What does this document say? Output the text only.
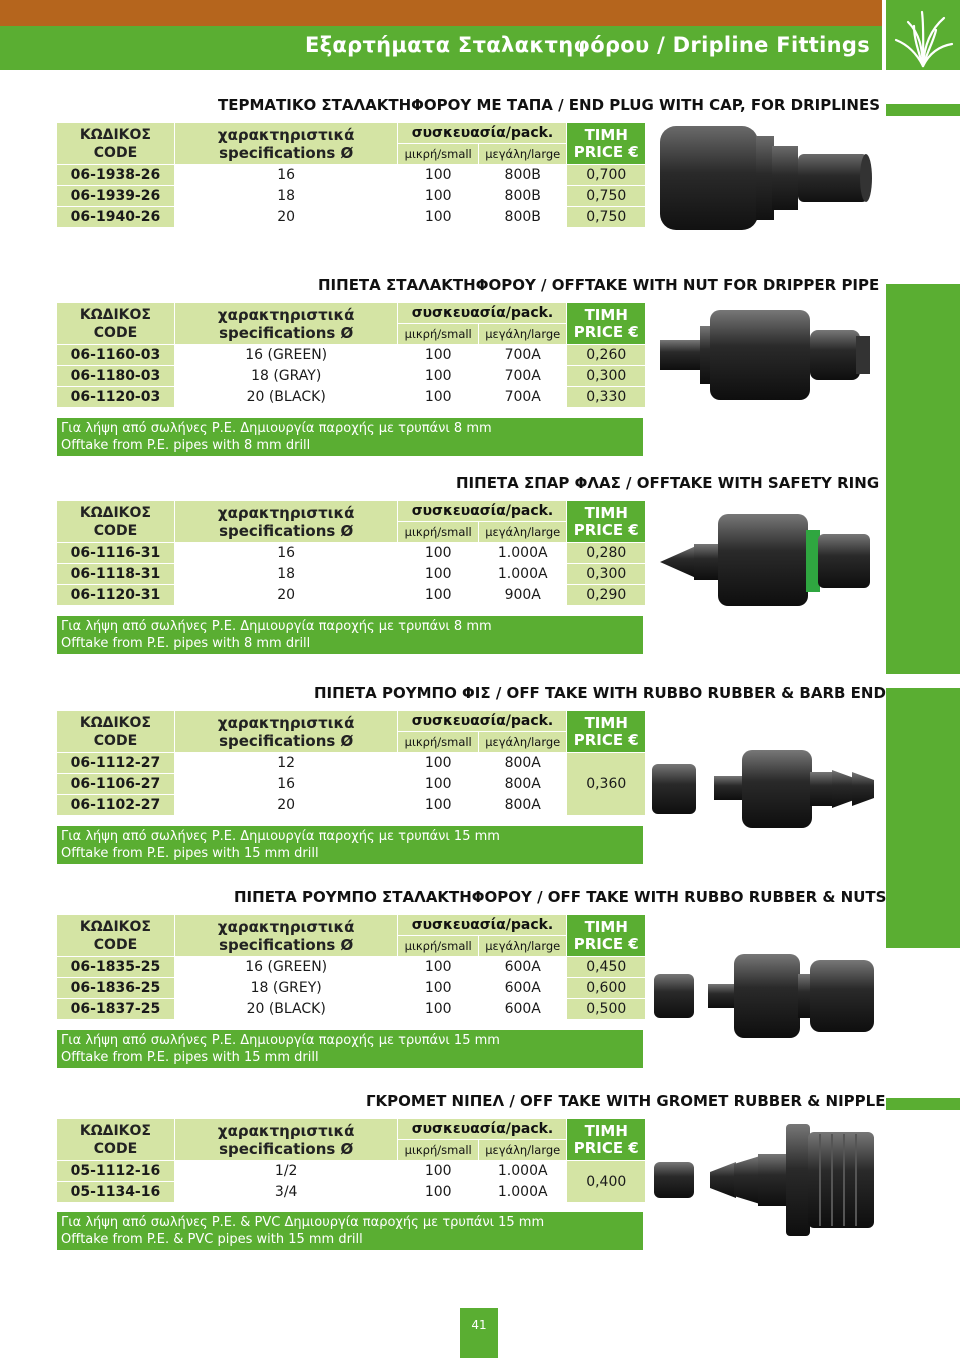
Εξαρτήματα Σταλακτηφόρου / Dripline Fittings
ΤΕΡΜΑΤΙΚΟ ΣΤΑΛΑΚΤΗΦΟΡΟΥ ΜΕ ΤΑΠΑ / END PLUG WITH CAP, FOR DRIPLINES
ΚΩΔΙΚΟΣ
CODE	χαρακτηριστικά
specifications Ø	συσκευασία/pack.		ΤΙΜΗ
PRICE €
		μικρή/small	μεγάλη/large	
06-1938-26	16	100	800B	0,700
06-1939-26	18	100	800B	0,750
06-1940-26	20	100	800B	0,750
ΠΙΠΕΤΑ ΣΤΑΛΑΚΤΗΦΟΡΟΥ / OFFTAKE WITH NUT FOR DRIPPER PIPE
ΚΩΔΙΚΟΣ
CODE	χαρακτηριστικά
specifications Ø	συσκευασία/pack.		ΤΙΜΗ
PRICE €
		μικρή/small	μεγάλη/large	
06-1160-03	16 (GREEN)	100	700A	0,260
06-1180-03	18 (GRAY)	100	700A	0,300
06-1120-03	20 (BLACK)	100	700A	0,330
Για λήψη από σωλήνες Ρ.Ε. Δημιουργία παροχής με τρυπάνι 8 mm
Offtake from P.E. pipes with 8 mm drill
ΠΙΠΕΤΑ ΣΠΑΡ ΦΛΑΣ / OFFTAKE WITH SAFETY RING
ΚΩΔΙΚΟΣ
CODE	χαρακτηριστικά
specifications Ø	συσκευασία/pack.		ΤΙΜΗ
PRICE €
		μικρή/small	μεγάλη/large	
06-1116-31	16	100	1.000A	0,280
06-1118-31	18	100	1.000A	0,300
06-1120-31	20	100	900A	0,290
Για λήψη από σωλήνες Ρ.Ε. Δημιουργία παροχής με τρυπάνι 8 mm
Offtake from P.E. pipes with 8 mm drill
ΠΙΠΕΤΑ ΡΟΥΜΠΟ ΦΙΣ / OFF TAKE WITH RUBBO RUBBER & BARB END
ΚΩΔΙΚΟΣ
CODE	χαρακτηριστικά
specifications Ø	συσκευασία/pack.		ΤΙΜΗ
PRICE €
		μικρή/small	μεγάλη/large	
06-1112-27	12	100	800A	0,360
06-1106-27	16	100	800A	
06-1102-27	20	100	800A	
Για λήψη από σωλήνες Ρ.Ε. Δημιουργία παροχής με τρυπάνι 15 mm
Offtake from P.E. pipes with 15 mm drill
ΠΙΠΕΤΑ ΡΟΥΜΠΟ ΣΤΑΛΑΚΤΗΦΟΡΟΥ / OFF TAKE WITH RUBBO RUBBER & NUTS
ΚΩΔΙΚΟΣ
CODE	χαρακτηριστικά
specifications Ø	συσκευασία/pack.		ΤΙΜΗ
PRICE €
		μικρή/small	μεγάλη/large	
06-1835-25	16 (GREEN)	100	600A	0,450
06-1836-25	18 (GREY)	100	600A	0,600
06-1837-25	20 (BLACK)	100	600A	0,500
Για λήψη από σωλήνες Ρ.Ε. Δημιουργία παροχής με τρυπάνι 15 mm
Offtake from P.E. pipes with 15 mm drill
ΓΚΡΟΜΕΤ ΝΙΠΕΛ / OFF TAKE WITH GROMET RUBBER & NIPPLE
ΚΩΔΙΚΟΣ
CODE	χαρακτηριστικά
specifications Ø	συσκευασία/pack.		ΤΙΜΗ
PRICE €
		μικρή/small	μεγάλη/large	
05-1112-16	1/2	100	1.000A	0,400
05-1134-16	3/4	100	1.000A	
Για λήψη από σωλήνες Ρ.Ε. & PVC Δημιουργία παροχής με τρυπάνι 15 mm
Offtake from P.E. & PVC pipes with 15 mm drill
41
